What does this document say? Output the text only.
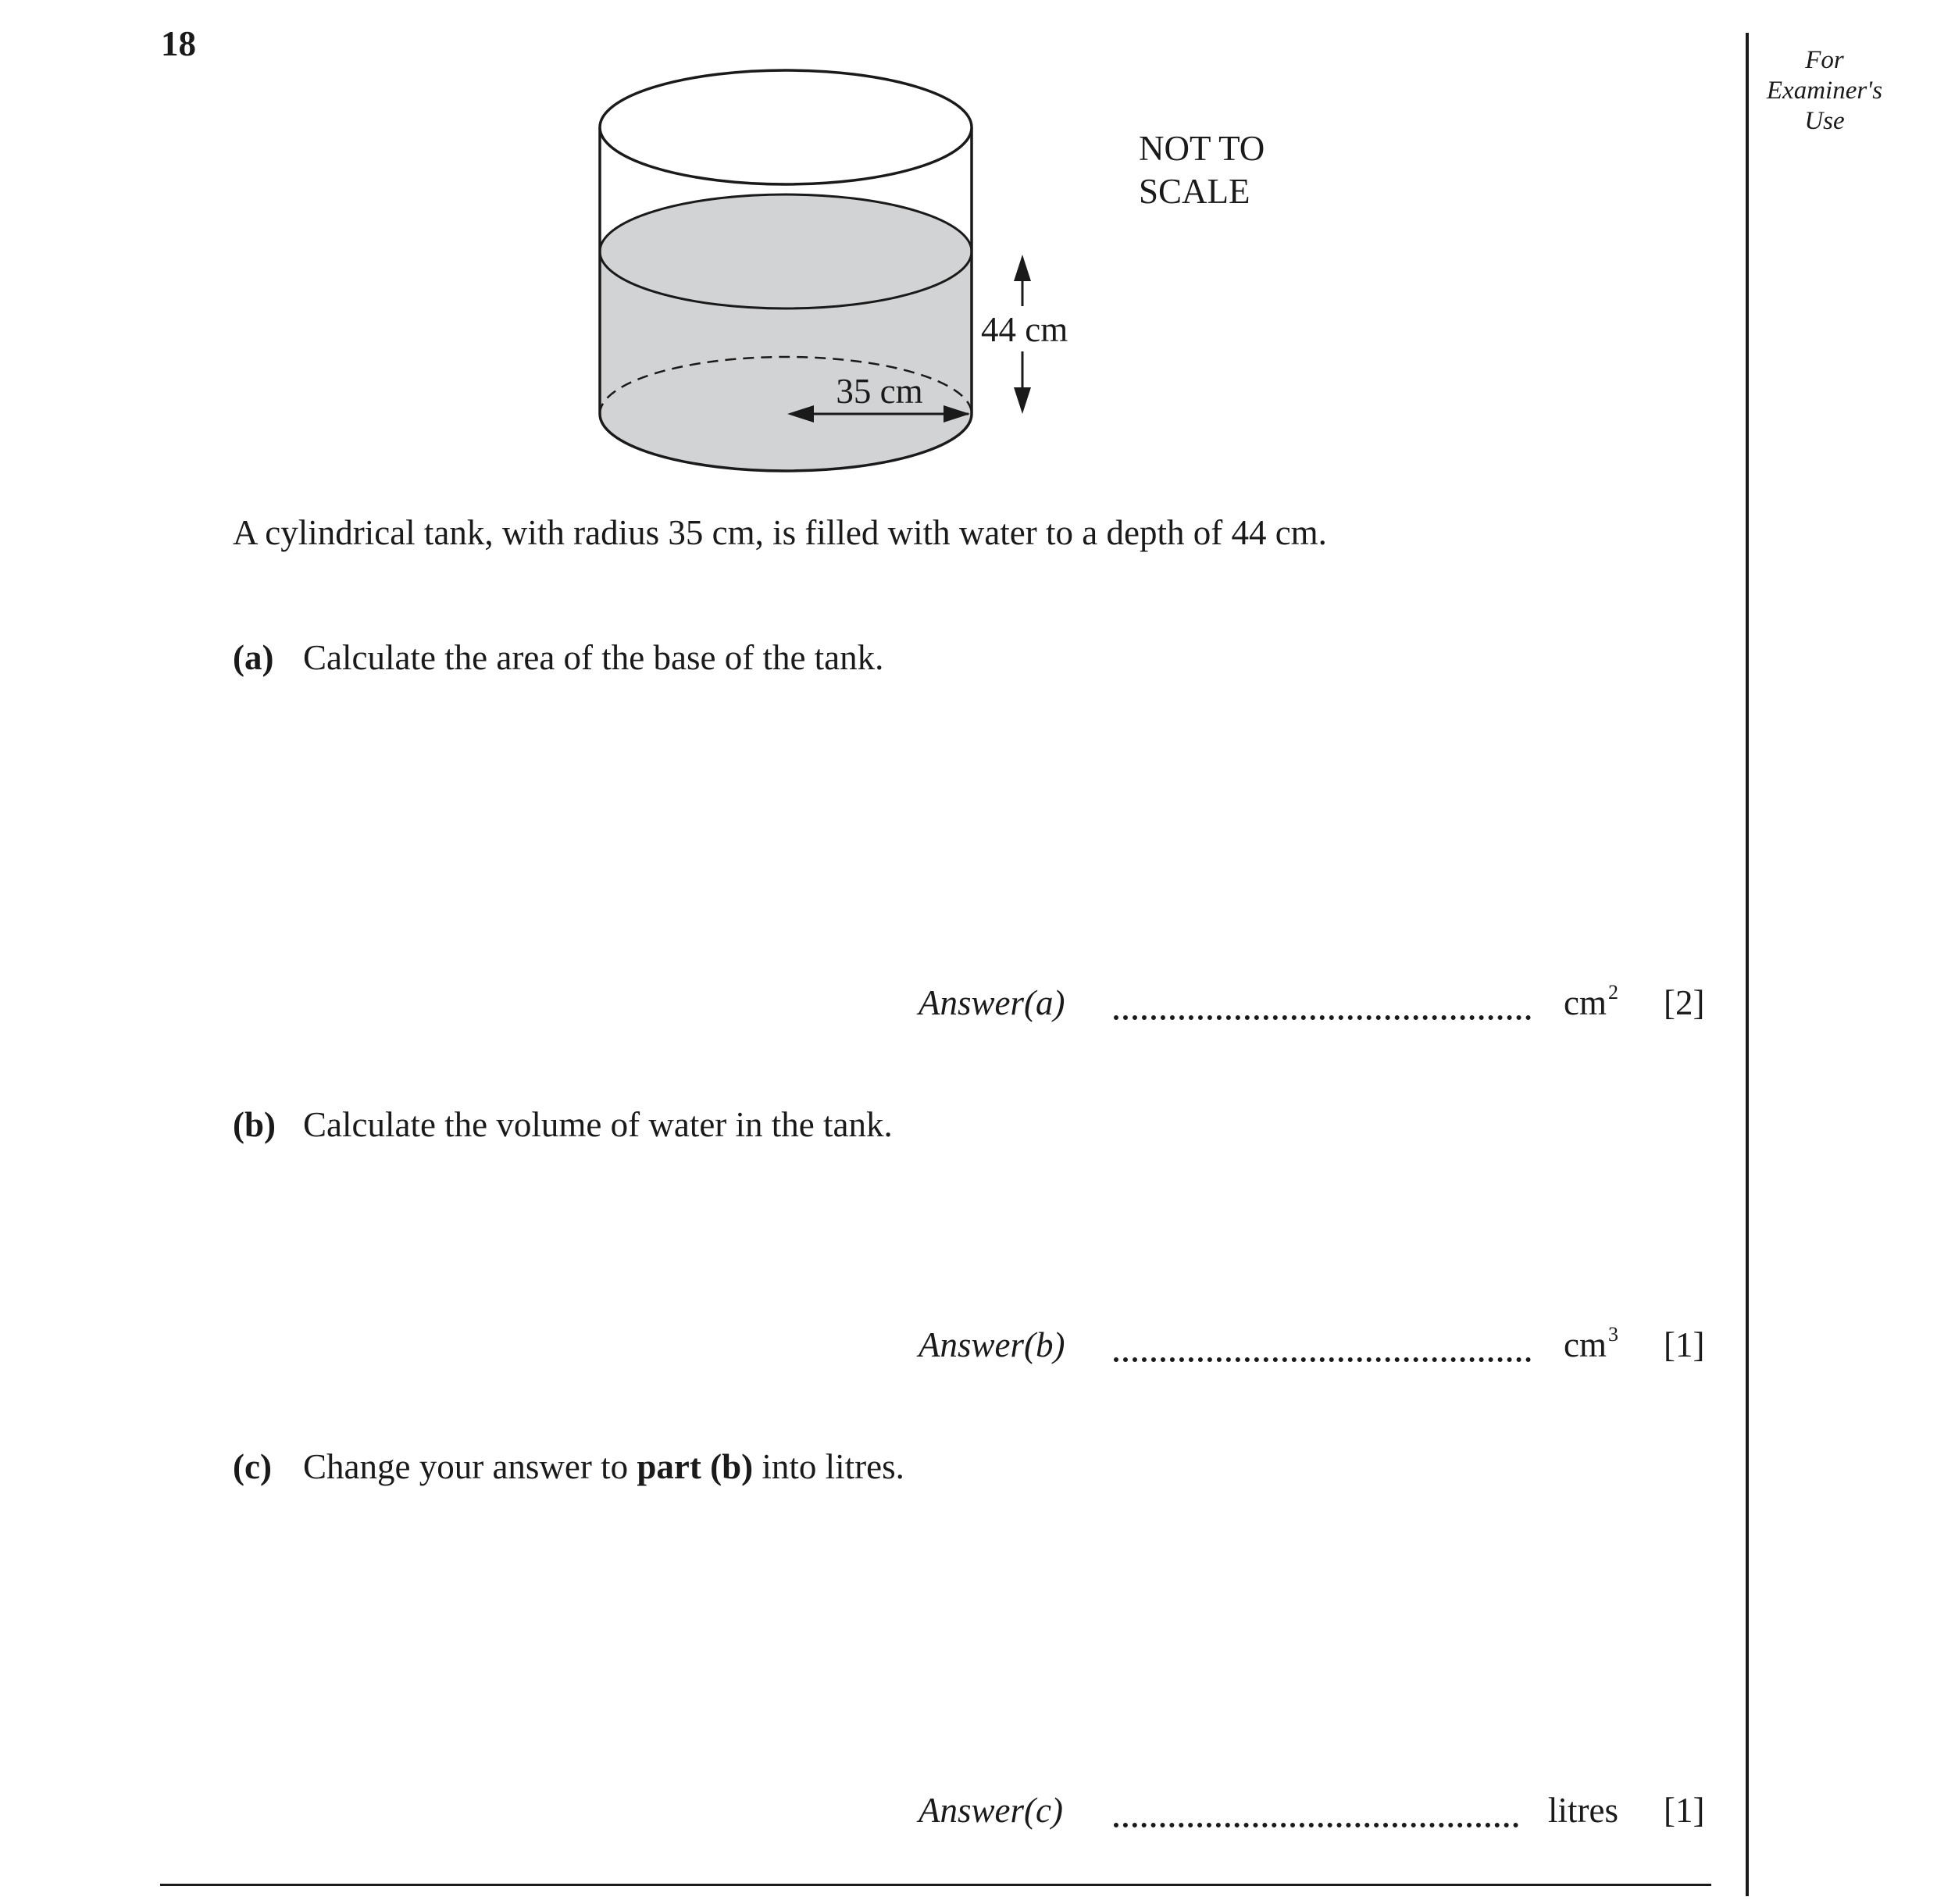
18	For Examiner's Use
35 cm
44 cm
NOT TO
SCALE
A cylindrical tank, with radius 35 cm, is filled with water to a depth of 44 cm.
(a) Calculate the area of the base of the tank.
Answer(a)	$cm^2$ [2]
(b) Calculate the volume of water in the tank.
Answer(b)	$cm^3$ [1]
(c) Change your answer to part (b) into litres.
Answer(c)	litres [1]
